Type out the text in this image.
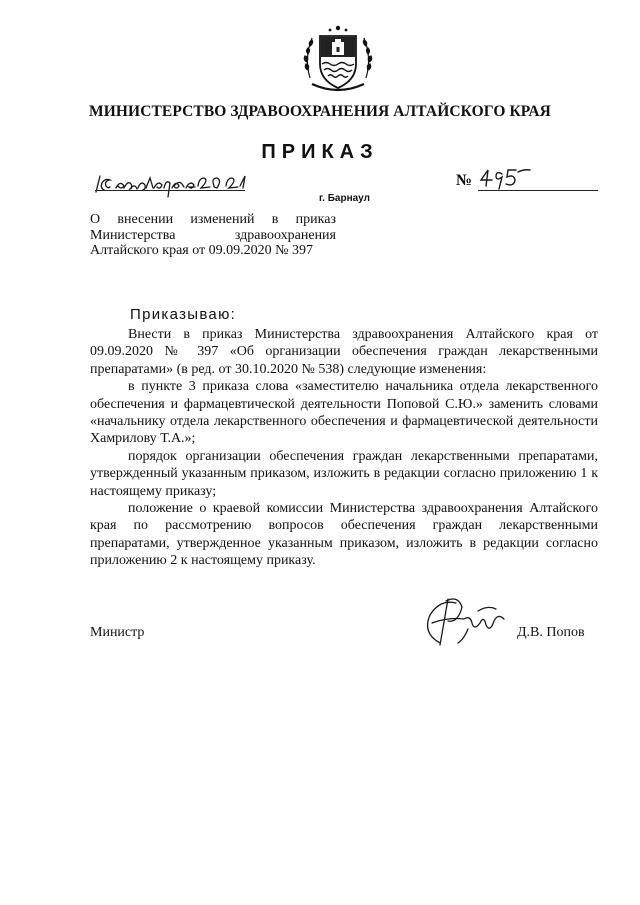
МИНИСТЕРСТВО ЗДРАВООХРАНЕНИЯ АЛТАЙСКОГО КРАЯ
ПРИКАЗ
г. Барнаул
№
О внесении изменений в приказ
Министерства здравоохранения
Алтайского края от 09.09.2020 № 397
Приказываю:

Внести в приказ Министерства здравоохранения Алтайского края от 09.09.2020 № 397 «Об организации обеспечения граждан лекарственными препаратами» (в ред. от 30.10.2020 № 538) следующие изменения:

в пункте 3 приказа слова «заместителю начальника отдела лекарственного обеспечения и фармацевтической деятельности Поповой С.Ю.» заменить словами «начальнику отдела лекарственного обеспечения и фармацевтической деятельности Хамрилову Т.А.»;

порядок организации обеспечения граждан лекарственными препаратами, утвержденный указанным приказом, изложить в редакции согласно приложению 1 к настоящему приказу;

положение о краевой комиссии Министерства здравоохранения Алтайского края по рассмотрению вопросов обеспечения граждан лекарственными препаратами, утвержденное указанным приказом, изложить в редакции согласно приложению 2 к настоящему приказу.

Министр	Д.В. Попов
